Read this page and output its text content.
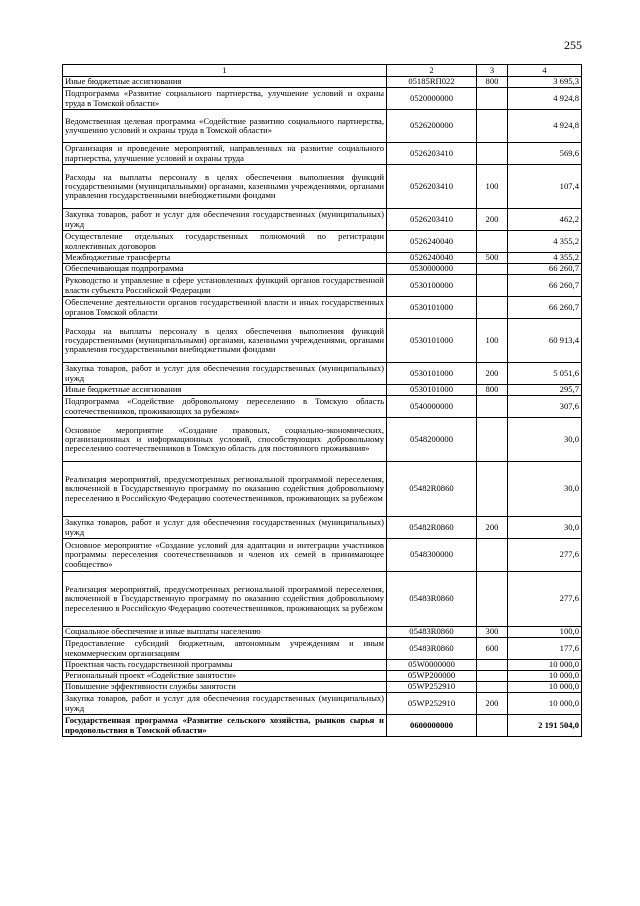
255
1	2	3	4
Иные бюджетные ассигнования	05185RП022	800	3 695,3
Подпрограмма «Развитие социального партнерства, улучшение условий и охраны труда в Томской области»	0520000000		4 924,8
Ведомственная целевая программа «Содействие развитию социального партнерства, улучшению условий и охраны труда в Томской области»	0526200000		4 924,8
Организация и проведение мероприятий, направленных на развитие социального партнерства, улучшение условий и охраны труда	0526203410		569,6
Расходы на выплаты персоналу в целях обеспечения выполнения функций государственными (муниципальными) органами, казенными учреждениями, органами управления государственными внебюджетными фондами	0526203410	100	107,4
Закупка товаров, работ и услуг для обеспечения государственных (муниципальных) нужд	0526203410	200	462,2
Осуществление отдельных государственных полномочий по регистрации коллективных договоров	0526240040		4 355,2
Межбюджетные трансферты	0526240040	500	4 355,2
Обеспечивающая подпрограмма	0530000000		66 260,7
Руководство и управление в сфере установленных функций органов государственной власти субъекта Российской Федерации	0530100000		66 260,7
Обеспечение деятельности органов государственной власти и иных государственных органов Томской области	0530101000		66 260,7
Расходы на выплаты персоналу в целях обеспечения выполнения функций государственными (муниципальными) органами, казенными учреждениями, органами управления государственными внебюджетными фондами	0530101000	100	60 913,4
Закупка товаров, работ и услуг для обеспечения государственных (муниципальных) нужд	0530101000	200	5 051,6
Иные бюджетные ассигнования	0530101000	800	295,7
Подпрограмма «Содействие добровольному переселению в Томскую область соотечественников, проживающих за рубежом»	0540000000		307,6
Основное мероприятие «Создание правовых, социально-экономических, организационных и информационных условий, способствующих добровольному переселению соотечественников в Томскую область для постоянного проживания»	0548200000		30,0
Реализация мероприятий, предусмотренных региональной программой переселения, включенной в Государственную программу по оказанию содействия добровольному переселению в Российскую Федерацию соотечественников, проживающих за рубежом	05482R0860		30,0
Закупка товаров, работ и услуг для обеспечения государственных (муниципальных) нужд	05482R0860	200	30,0
Основное мероприятие «Создание условий для адаптации и интеграции участников программы переселения соотечественников и членов их семей в принимающее сообщество»	0548300000		277,6
Реализация мероприятий, предусмотренных региональной программой переселения, включенной в Государственную программу по оказанию содействия добровольному переселению в Российскую Федерацию соотечественников, проживающих за рубежом	05483R0860		277,6
Социальное обеспечение и иные выплаты населению	05483R0860	300	100,0
Предоставление субсидий бюджетным, автономным учреждениям и иным некоммерческим организациям	05483R0860	600	177,6
Проектная часть государственной программы	05W0000000		10 000,0
Региональный проект «Содействие занятости»	05WP200000		10 000,0
Повышение эффективности службы занятости	05WP252910		10 000,0
Закупка товаров, работ и услуг для обеспечения государственных (муниципальных) нужд	05WP252910	200	10 000,0
Государственная программа «Развитие сельского хозяйства, рынков сырья и продовольствия в Томской области»	0600000000		2 191 504,0
